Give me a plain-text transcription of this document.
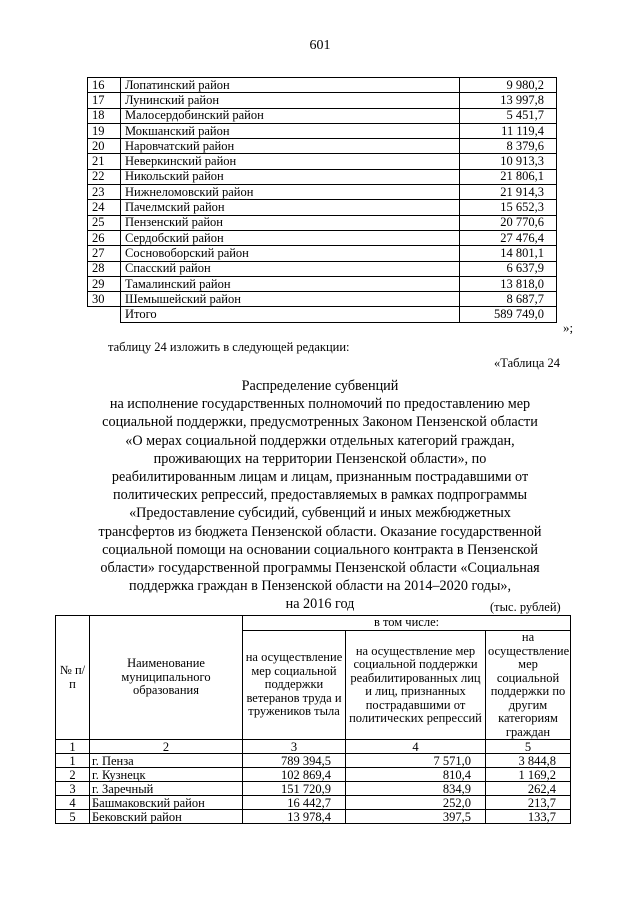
601
16	Лопатинский район	9 980,2
17	Лунинский район	13 997,8
18	Малосердобинский район	5 451,7
19	Мокшанский район	11 119,4
20	Наровчатский район	8 379,6
21	Неверкинский район	10 913,3
22	Никольский район	21 806,1
23	Нижнеломовский район	21 914,3
24	Пачелмский район	15 652,3
25	Пензенский район	20 770,6
26	Сердобский район	27 476,4
27	Сосновоборский район	14 801,1
28	Спасский район	6 637,9
29	Тамалинский район	13 818,0
30	Шемышейский район	8 687,7
	Итого	589 749,0
»;
таблицу 24 изложить в следующей редакции:
«Таблица 24
Распределение субвенций
на исполнение государственных полномочий по предоставлению мер
социальной поддержки, предусмотренных Законом Пензенской области
«О мерах социальной поддержки отдельных категорий граждан,
проживающих на территории Пензенской области», по
реабилитированным лицам и лицам, признанным пострадавшими от
политических репрессий, предоставляемых в рамках подпрограммы
«Предоставление субсидий, субвенций и иных межбюджетных
трансфертов из бюджета Пензенской области. Оказание государственной
социальной помощи на основании социального контракта в Пензенской
области» государственной программы Пензенской области «Социальная
поддержка граждан в Пензенской области на 2014–2020 годы»,
на 2016 год	(тыс. рублей)
№ п/п	Наименование муниципального образования	в том числе:		
		на осуществление мер социальной поддержки ветеранов труда и тружеников тыла	на осуществление мер социальной поддержки реабилитированных лиц и лиц, признанных пострадавшими от политических репрессий	на осуществление мер социальной поддержки по другим категориям граждан
1	2	3	4	5
1	г. Пенза	789 394,5	7 571,0	3 844,8
2	г. Кузнецк	102 869,4	810,4	1 169,2
3	г. Заречный	151 720,9	834,9	262,4
4	Башмаковский район	16 442,7	252,0	213,7
5	Бековский район	13 978,4	397,5	133,7
